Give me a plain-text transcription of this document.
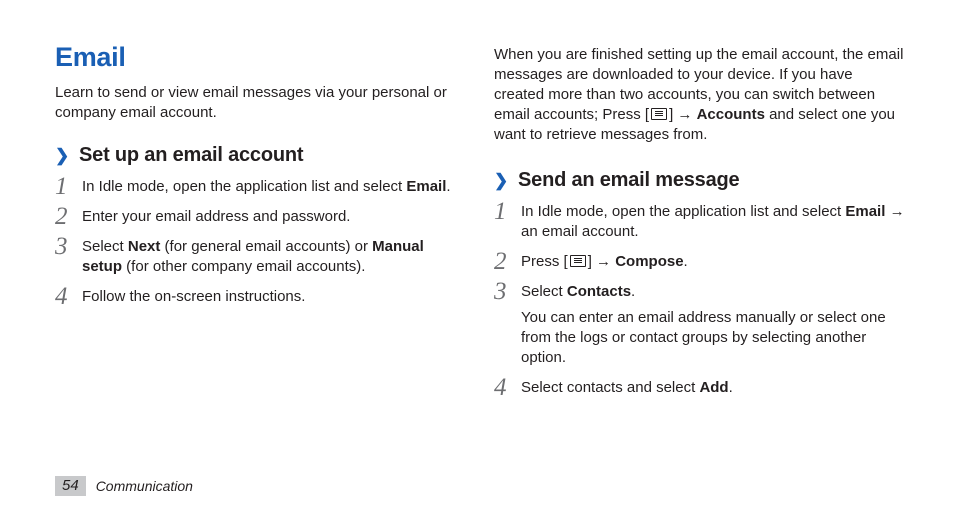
Email

Learn to send or view email messages via your personal or company email account.

❯ Set up an email account
1 In Idle mode, open the application list and select Email.

2 Enter your email address and password.

3 Select Next (for general email accounts) or Manual setup (for other company email accounts).

4 Follow the on-screen instructions.

When you are finished setting up the email account, the email messages are downloaded to your device. If you have created more than two accounts, you can switch between email accounts; Press [ ] → Accounts and select one you want to retrieve messages from.

❯ Send an email message
1 In Idle mode, open the application list and select Email → an email account.

2 Press [ ] → Compose.

3 Select Contacts.

You can enter an email address manually or select one from the logs or contact groups by selecting another option.

4 Select contacts and select Add.

54	Communication
